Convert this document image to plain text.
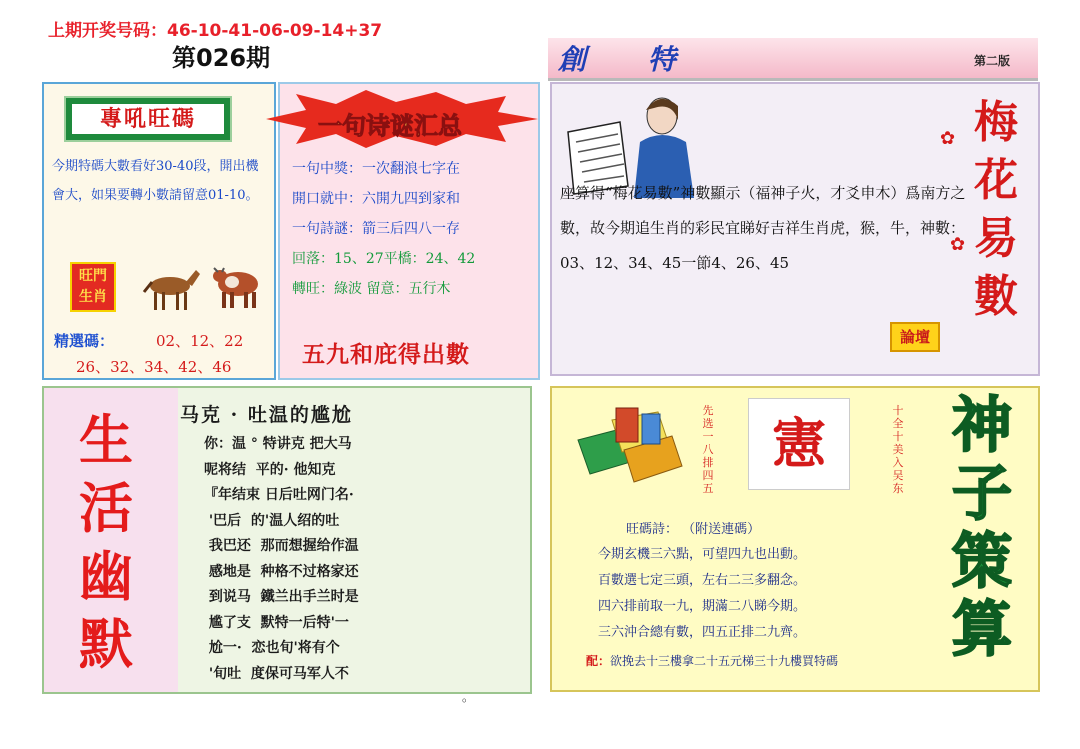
上期开奖号码：46-10-41-06-09-14+37
第026期	創 特	第二版
專吼旺碼
今期特碼大數看好30-40段，開出機會大，如果要轉小數請留意01-10。
旺門
生肖
精選碼：	02、12、22
26、32、34、42、46
一句诗谜汇总
一句中獎：一次翻浪七字在
開口就中：六開九四到家和
一句詩謎：箭三后四八一存
回落：15、27平橋：24、42
轉旺：綠波 留意：五行木
五九和庇得出數
座算得“梅花易數”神數顯示（福神子火，才爻申木）爲南方之數，故今期追生肖的彩民宜睇好吉祥生肖虎，猴，牛，神數：03、12、34、45一節4、26、45
論壇
✿
✿
梅
花
易
數
生
活
幽
默
马克 · 吐温的尴尬
你：温 ° 特讲克 把大马
呢将结  平的· 他知克
『年结束 日后吐网门名·
'巴后  的'温人绍的吐
我巴还  那而想握给作温
感地是  种格不过格家还
到说马  鐵兰出手兰时是
尴了支  默特一后特'一
尬一·  恋也旬'将有个
'旬吐  度保可马军人不
。
先选一八排四五
憲
十全十美入吴东
旺碼詩： （附送連碼）
今期玄機三六點，可望四九也出動。
百數選七定三頭，左右二三多翻念。
四六排前取一九，期滿二八睇今期。
三六沖合總有數，四五正排二九齊。
配：欲挽去十三樓拿二十五元梯三十九樓買特碼
神
子
策
算
